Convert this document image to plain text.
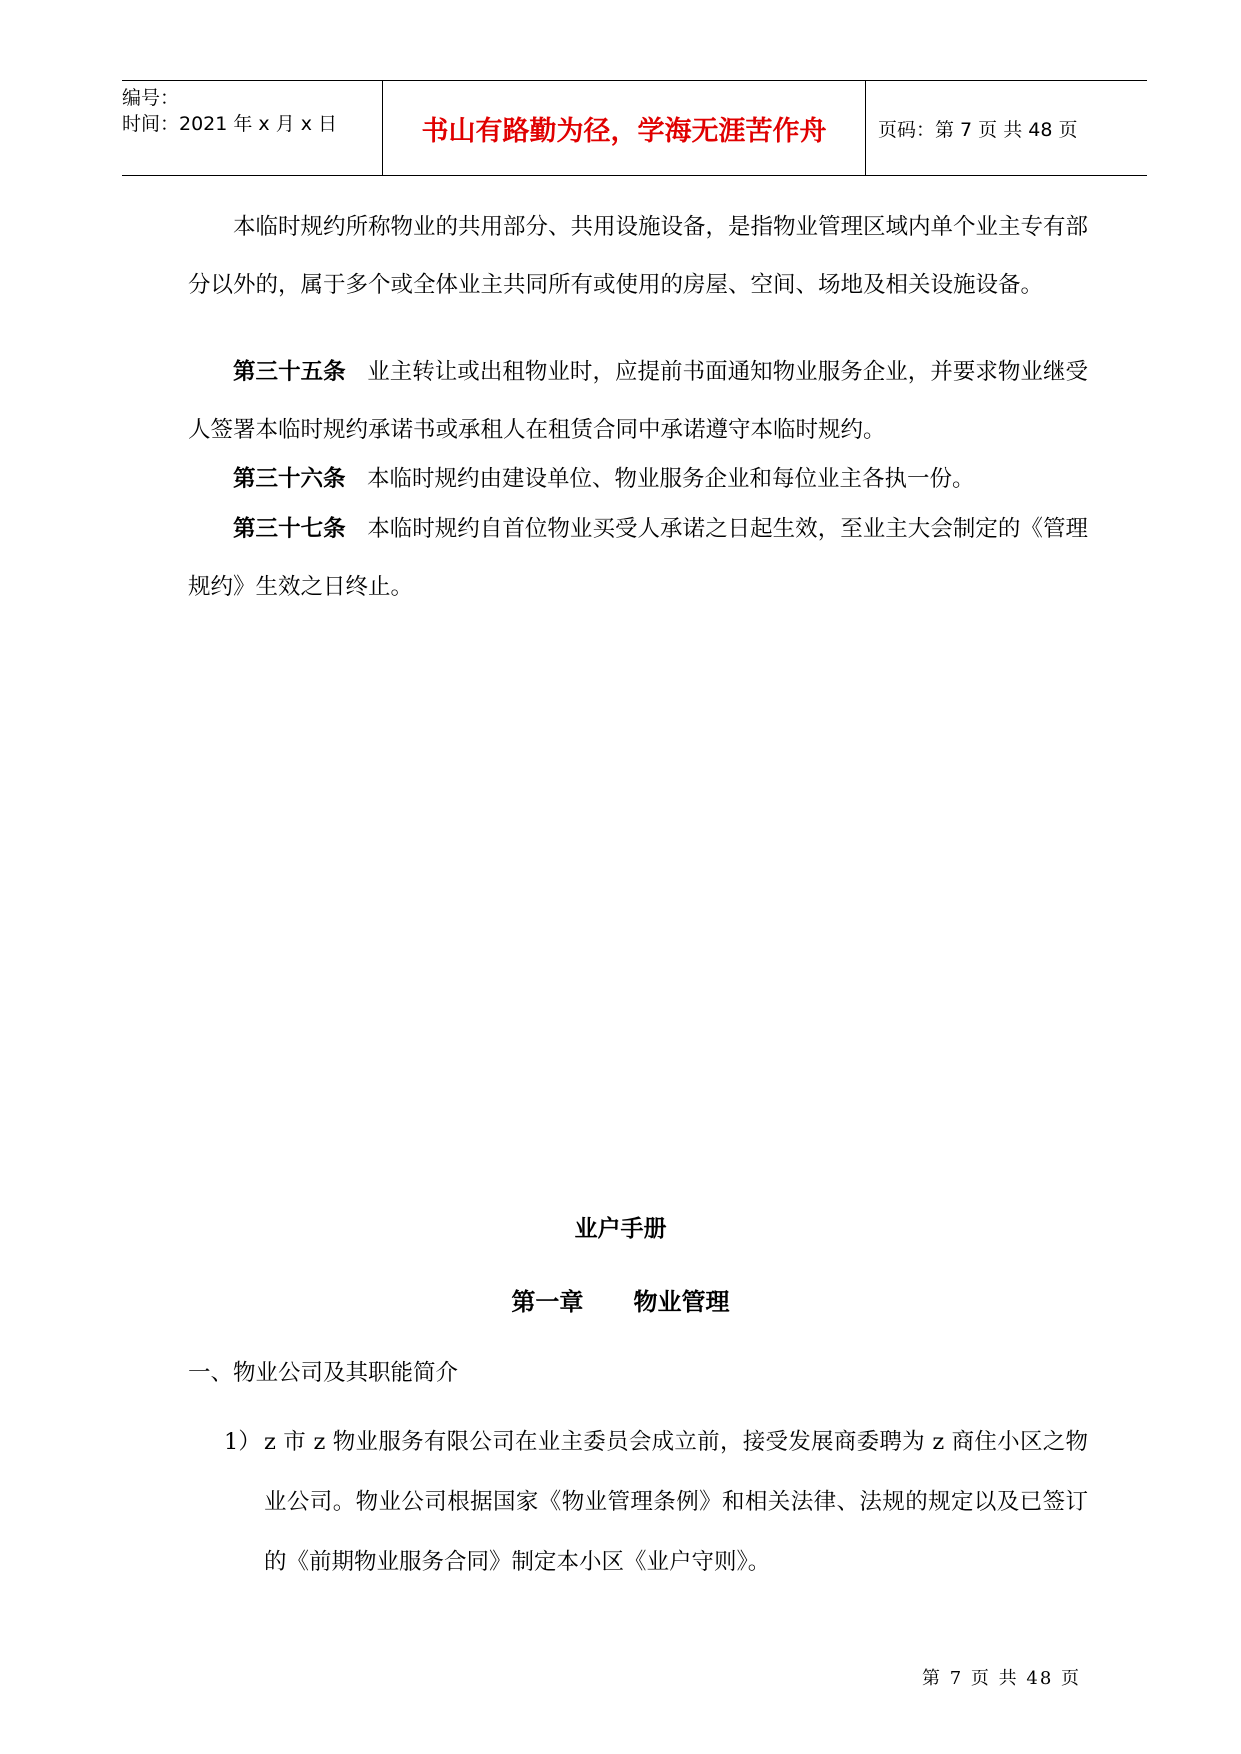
编号：
时间：2021 年 x 月 x 日	书山有路勤为径，学海无涯苦作舟	页码：第 7 页 共 48 页

本临时规约所称物业的共用部分、共用设施设备，是指物业管理区域内单个业主专有部分以外的，属于多个或全体业主共同所有或使用的房屋、空间、场地及相关设施设备。

第三十五条 业主转让或出租物业时，应提前书面通知物业服务企业，并要求物业继受人签署本临时规约承诺书或承租人在租赁合同中承诺遵守本临时规约。

第三十六条 本临时规约由建设单位、物业服务企业和每位业主各执一份。

第三十七条 本临时规约自首位物业买受人承诺之日起生效，至业主大会制定的《管理规约》生效之日终止。

业户手册

第一章      物业管理

一、物业公司及其职能简介

1） z 市 z 物业服务有限公司在业主委员会成立前，接受发展商委聘为 z 商住小区之物业公司。物业公司根据国家《物业管理条例》和相关法律、法规的规定以及已签订的《前期物业服务合同》制定本小区《业户守则》。

第 7 页 共 48 页
